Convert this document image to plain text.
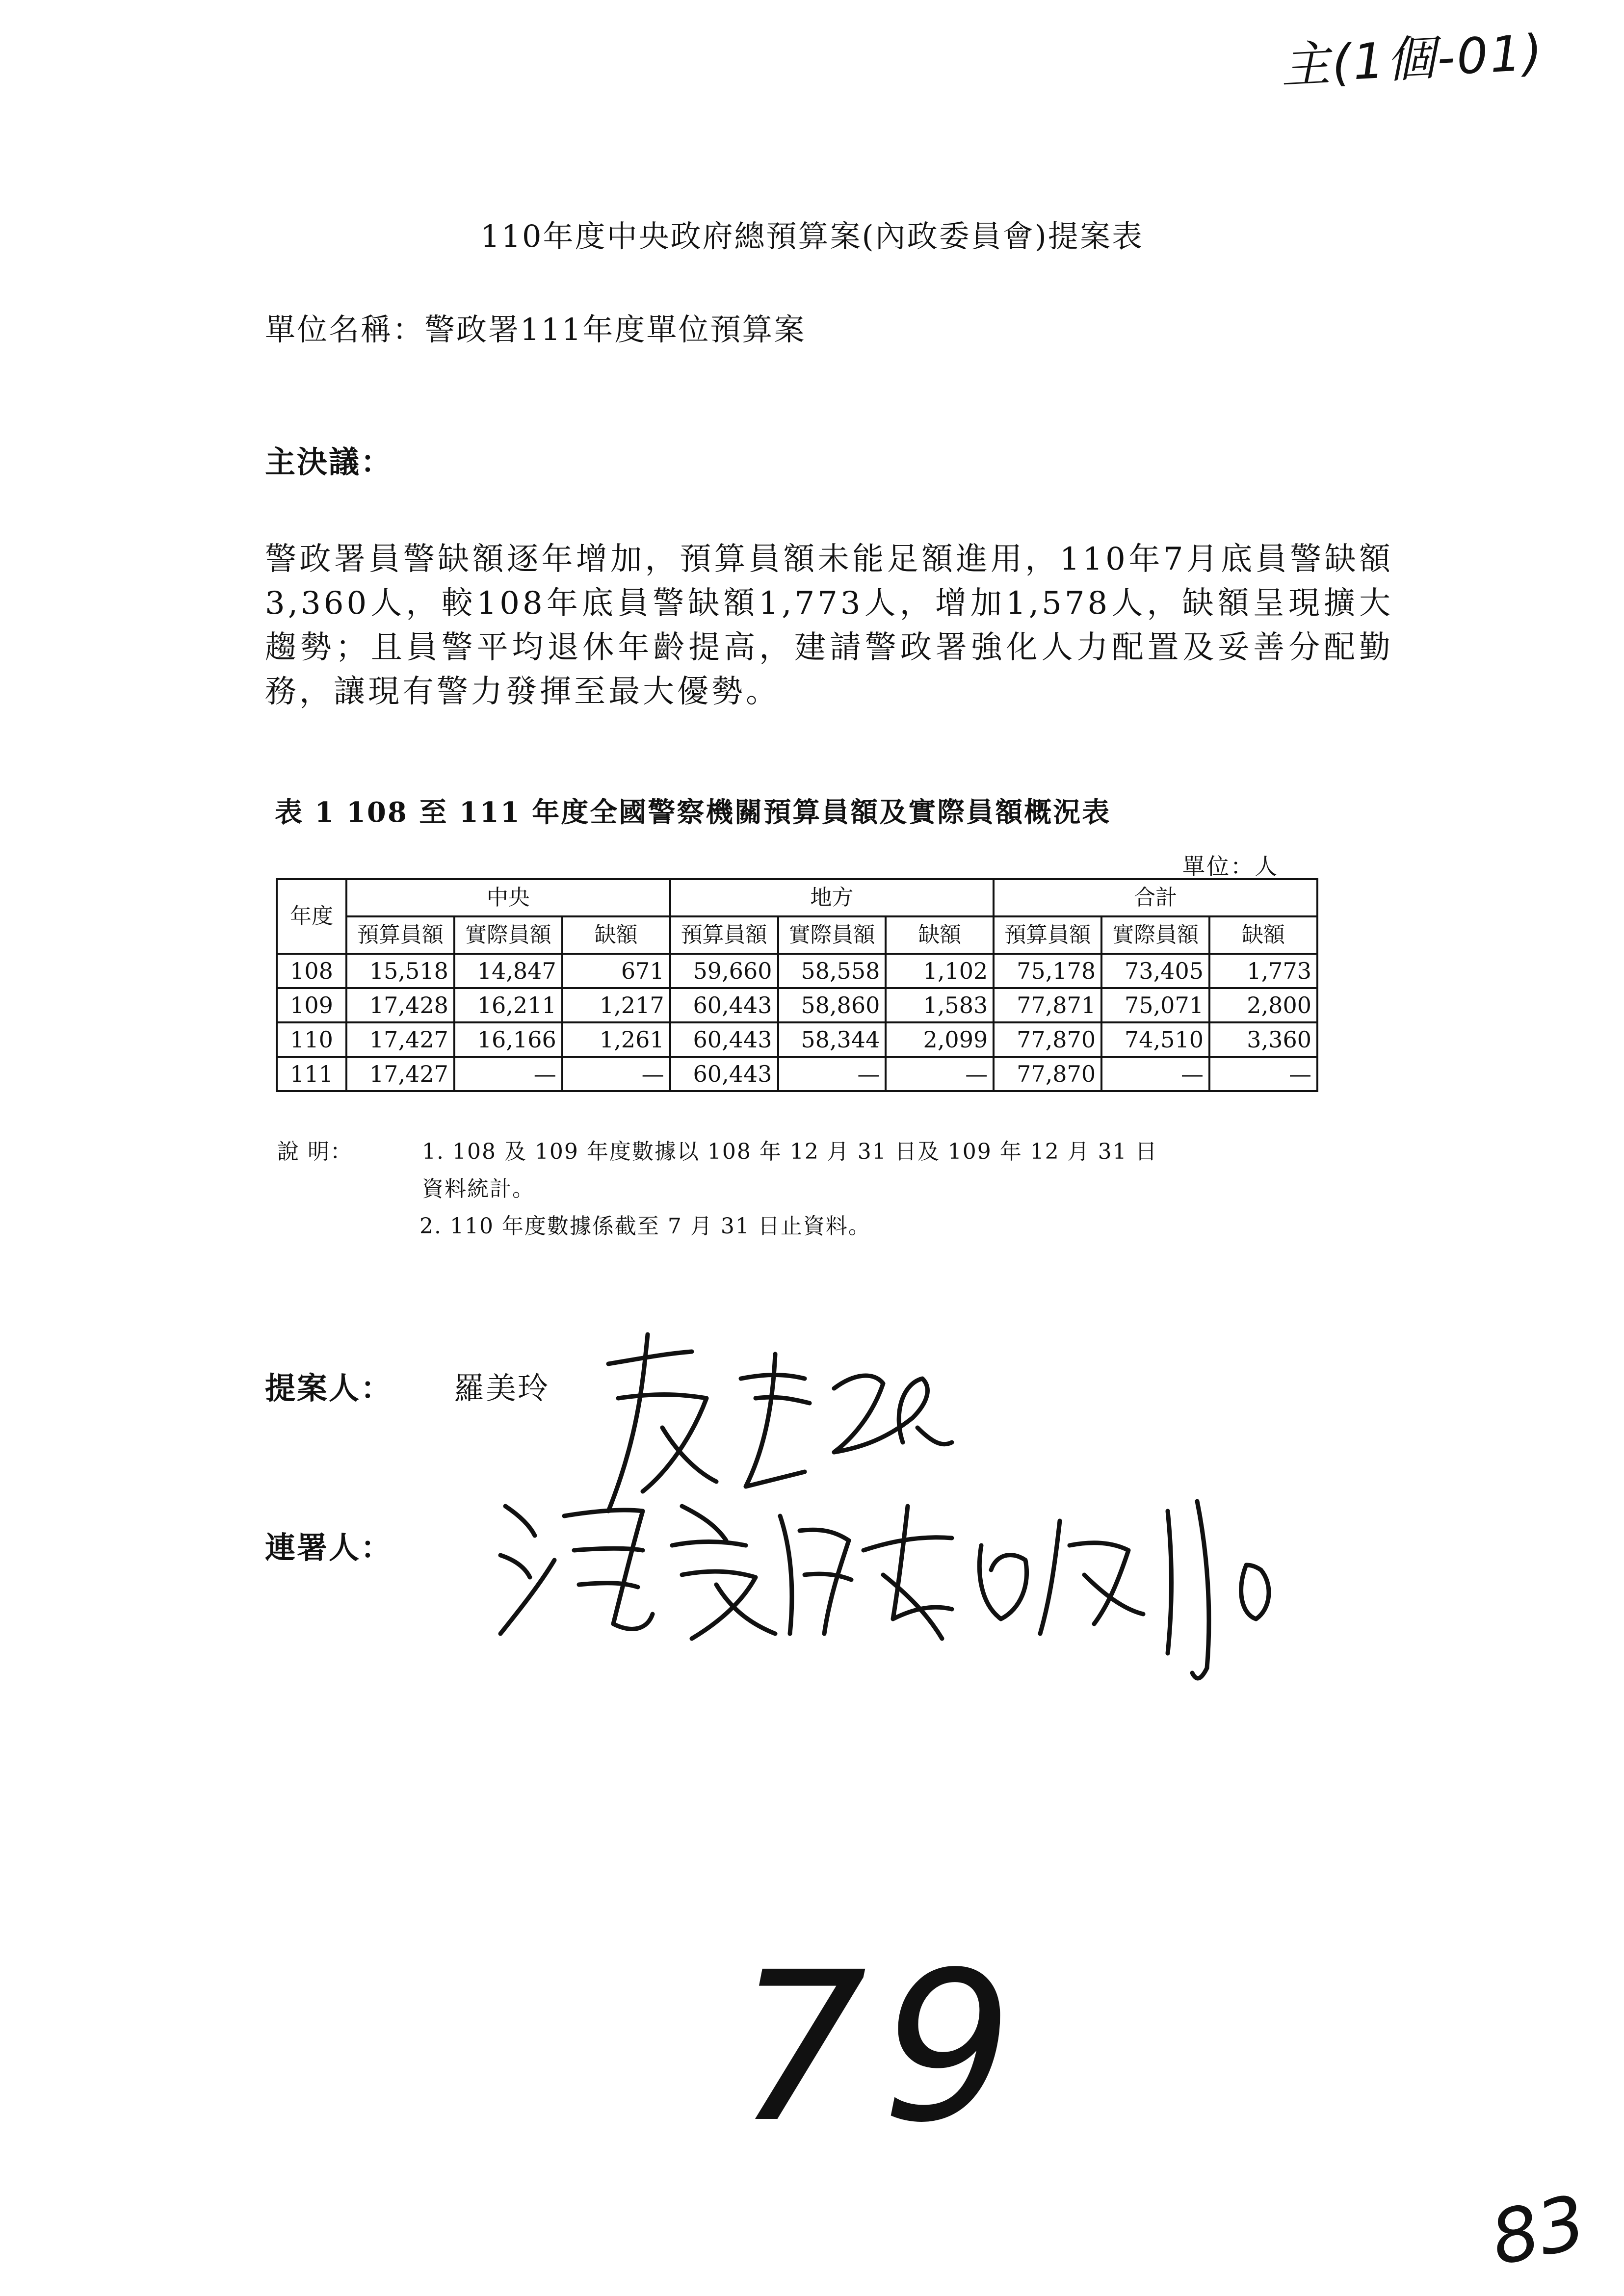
主(1個-01)
110年度中央政府總預算案(內政委員會)提案表
單位名稱：警政署111年度單位預算案
主決議：
警政署員警缺額逐年增加，預算員額未能足額進用，110年7月底員警缺額3,360人，較108年底員警缺額1,773人，增加1,578人，缺額呈現擴大趨勢；且員警平均退休年齡提高，建請警政署強化人力配置及妥善分配勤務，讓現有警力發揮至最大優勢。
表 1 108 至 111 年度全國警察機關預算員額及實際員額概況表
單位：人
年度	中央			地方			合計		
	預算員額	實際員額	缺額	預算員額	實際員額	缺額	預算員額	實際員額	缺額
108	15,518	14,847	671	59,660	58,558	1,102	75,178	73,405	1,773
109	17,428	16,211	1,217	60,443	58,860	1,583	77,871	75,071	2,800
110	17,427	16,166	1,261	60,443	58,344	2,099	77,870	74,510	3,360
111	17,427	—	—	60,443	—	—	77,870	—	—
說 明：	1. 108 及 109 年度數據以 108 年 12 月 31 日及 109 年 12 月 31 日
資料統計。
2. 110 年度數據係截至 7 月 31 日止資料。
提案人： 羅美玲
連署人：
79
83
